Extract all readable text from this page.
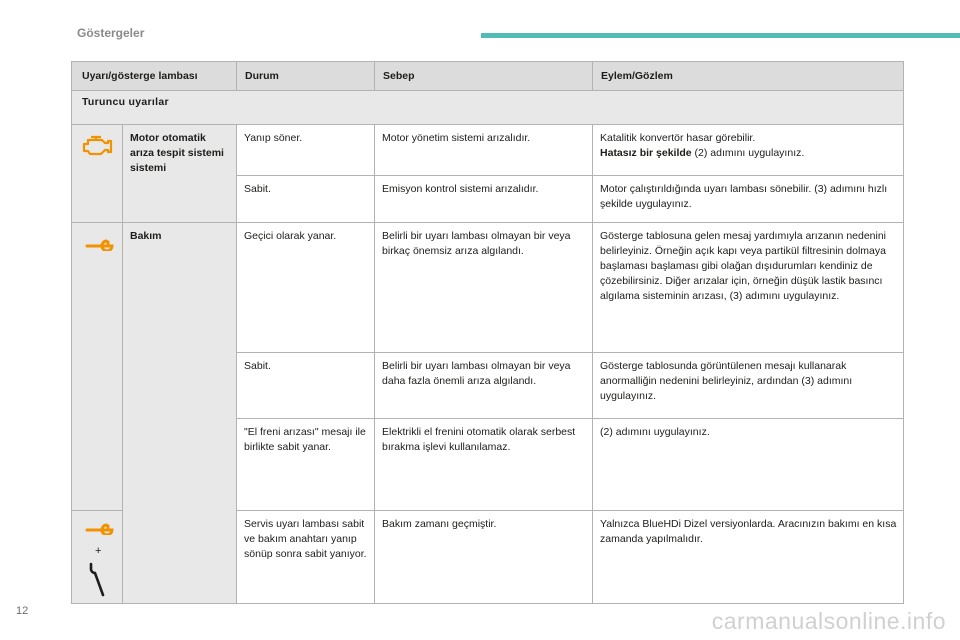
Göstergeler
Uyarı/gösterge lambası		Durum	Sebep	Eylem/Gözlem
Turuncu uyarılar				

	Motor otomatik arıza tespit sistemi sistemi	Yanıp söner.	Motor yönetim sistemi arızalıdır.	Katalitik konvertör hasar görebilir.
Hatasız bir şekilde (2) adımını uygulayınız.
		Sabit.	Emisyon kontrol sistemi arızalıdır.	Motor çalıştırıldığında uyarı lambası sönebilir. (3) adımını hızlı şekilde uygulayınız.

	Bakım	Geçici olarak yanar.	Belirli bir uyarı lambası olmayan bir veya birkaç önemsiz arıza algılandı.	Gösterge tablosuna gelen mesaj yardımıyla arızanın nedenini belirleyiniz. Örneğin açık kapı veya partikül filtresinin dolmaya başlaması başlaması gibi olağan dışıdurumları kendiniz de çözebilirsiniz. Diğer arızalar için, örneğin düşük lastik basıncı algılama sisteminin arızası, (3) adımını uygulayınız.
		Sabit.	Belirli bir uyarı lambası olmayan bir veya daha fazla önemli arıza algılandı.	Gösterge tablosunda görüntülenen mesajı kullanarak anormalliğin nedenini belirleyiniz, ardından (3) adımını uygulayınız.
		"El freni arızası" mesajı ile birlikte sabit yanar.	Elektrikli el frenini otomatik olarak serbest bırakma işlevi kullanılamaz.	(2) adımını uygulayınız.

+		Servis uyarı lambası sabit ve bakım anahtarı yanıp sönüp sonra sabit yanıyor.	Bakım zamanı geçmiştir.	Yalnızca BlueHDi Dizel versiyonlarda. Aracınızın bakımı en kısa zamanda yapılmalıdır.
12	carmanualsonline.info
